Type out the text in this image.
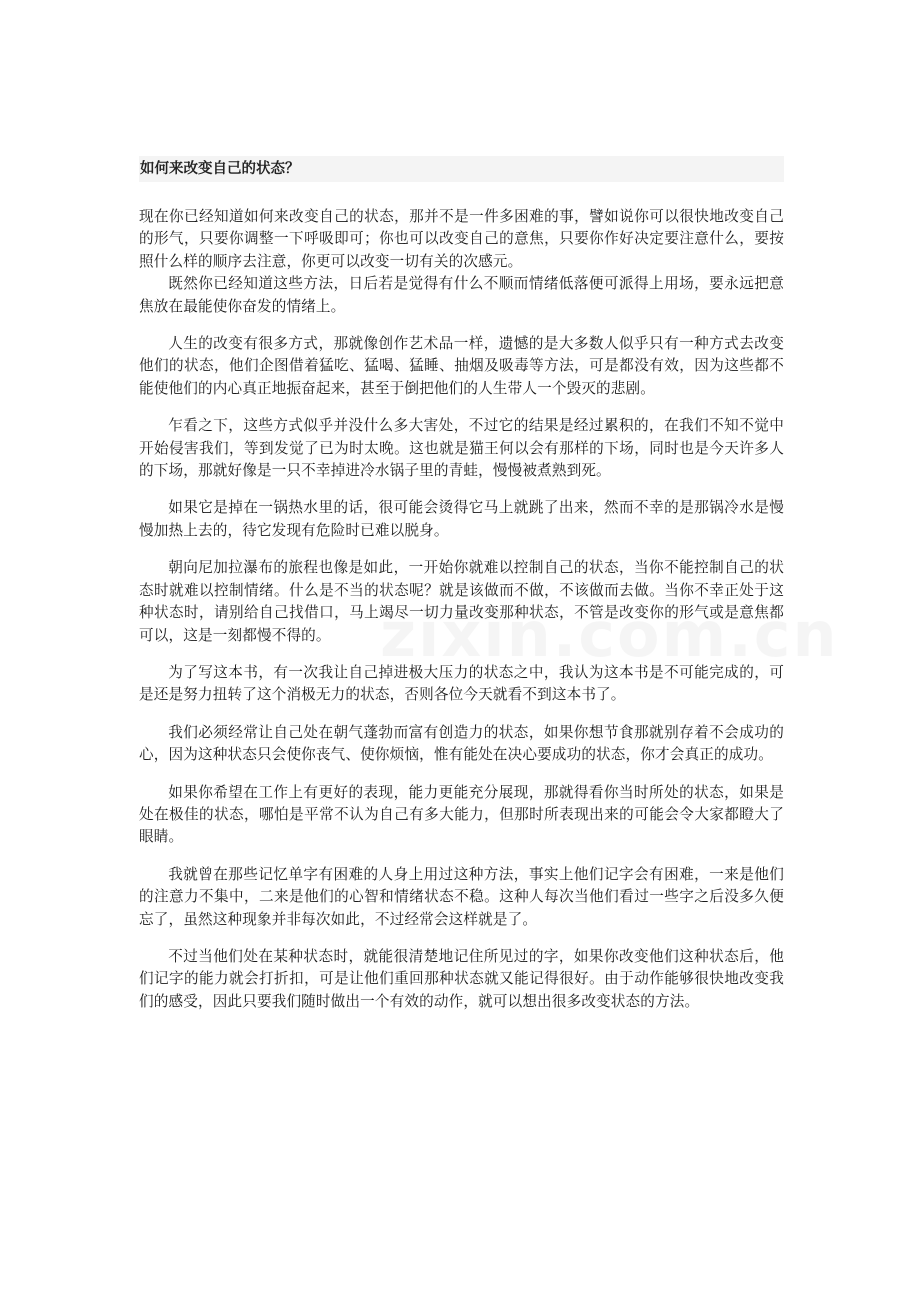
如何来改变自己的状态？

现在你已经知道如何来改变自己的状态，那并不是一件多困难的事，譬如说你可以很快地改变自己的形气，只要你调整一下呼吸即可；你也可以改变自己的意焦，只要你作好决定要注意什么，要按照什么样的顺序去注意，你更可以改变一切有关的次感元。

既然你已经知道这些方法，日后若是觉得有什么不顺而情绪低落便可派得上用场，要永远把意焦放在最能使你奋发的情绪上。

人生的改变有很多方式，那就像创作艺术品一样，遗憾的是大多数人似乎只有一种方式去改变他们的状态，他们企图借着猛吃、猛喝、猛睡、抽烟及吸毒等方法，可是都没有效，因为这些都不能使他们的内心真正地振奋起来，甚至于倒把他们的人生带人一个毁灭的悲剧。

乍看之下，这些方式似乎并没什么多大害处，不过它的结果是经过累积的，在我们不知不觉中开始侵害我们，等到发觉了已为时太晚。这也就是猫王何以会有那样的下场，同时也是今天许多人的下场，那就好像是一只不幸掉进冷水锅子里的青蛙，慢慢被煮熟到死。

如果它是掉在一锅热水里的话，很可能会烫得它马上就跳了出来，然而不幸的是那锅冷水是慢慢加热上去的，待它发现有危险时已难以脱身。

朝向尼加拉瀑布的旅程也像是如此，一开始你就难以控制自己的状态，当你不能控制自己的状态时就难以控制情绪。什么是不当的状态呢？就是该做而不做，不该做而去做。当你不幸正处于这种状态时，请别给自己找借口，马上竭尽一切力量改变那种状态，不管是改变你的形气或是意焦都可以，这是一刻都慢不得的。

为了写这本书，有一次我让自己掉进极大压力的状态之中，我认为这本书是不可能完成的，可是还是努力扭转了这个消极无力的状态，否则各位今天就看不到这本书了。

我们必须经常让自己处在朝气蓬勃而富有创造力的状态，如果你想节食那就别存着不会成功的心，因为这种状态只会使你丧气、使你烦恼，惟有能处在决心要成功的状态，你才会真正的成功。

如果你希望在工作上有更好的表现，能力更能充分展现，那就得看你当时所处的状态，如果是处在极佳的状态，哪怕是平常不认为自己有多大能力，但那时所表现出来的可能会令大家都瞪大了眼睛。

我就曾在那些记忆单字有困难的人身上用过这种方法，事实上他们记字会有困难，一来是他们的注意力不集中，二来是他们的心智和情绪状态不稳。这种人每次当他们看过一些字之后没多久便忘了，虽然这种现象并非每次如此，不过经常会这样就是了。

不过当他们处在某种状态时，就能很清楚地记住所见过的字，如果你改变他们这种状态后，他们记字的能力就会打折扣，可是让他们重回那种状态就又能记得很好。由于动作能够很快地改变我们的感受，因此只要我们随时做出一个有效的动作，就可以想出很多改变状态的方法。
